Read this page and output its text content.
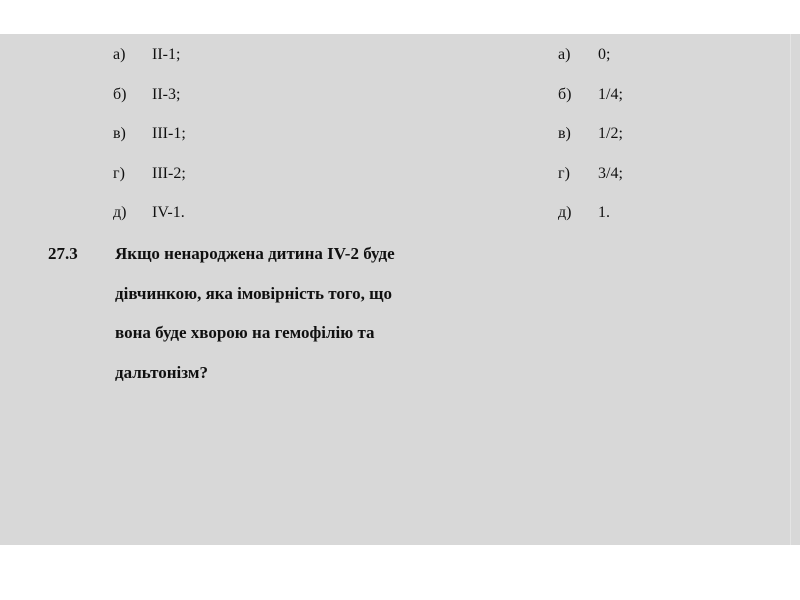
а)	II-1;
б)	II-3;
в)	III-1;
г)	III-2;
д)	IV-1.
а)	0;
б)	1/4;
в)	1/2;
г)	3/4;
д)	1.
27.3 Якщо ненароджена дитина IV-2 буде
дівчинкою, яка імовірність того, що
вона буде хворою на гемофілію та
дальтонізм?
